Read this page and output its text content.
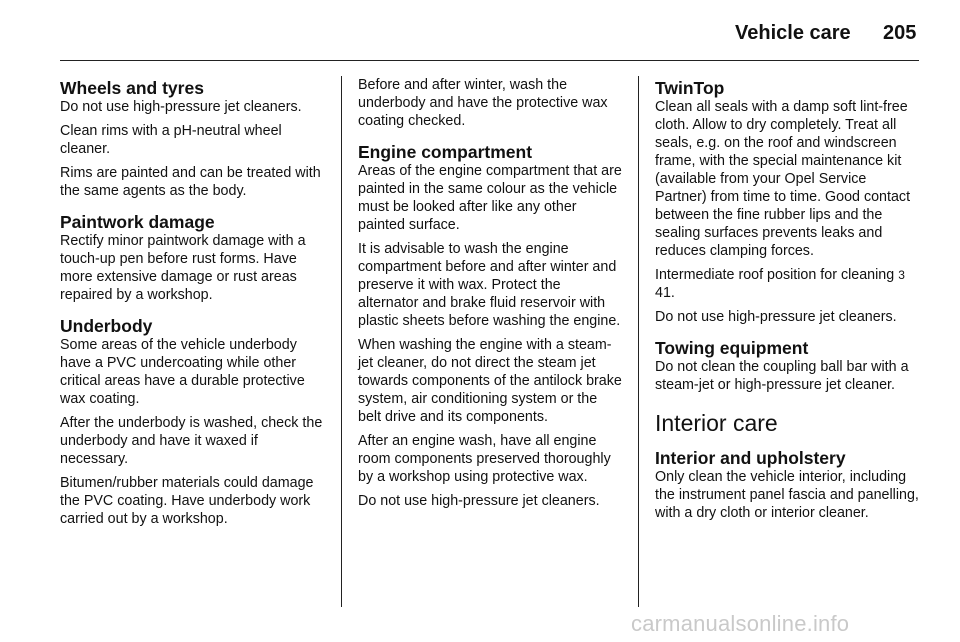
Vehicle care 205
Wheels and tyres

Do not use high-pressure jet cleaners.

Clean rims with a pH-neutral wheel cleaner.

Rims are painted and can be treated with the same agents as the body.

Paintwork damage

Rectify minor paintwork damage with a touch-up pen before rust forms. Have more extensive damage or rust areas repaired by a workshop.

Underbody

Some areas of the vehicle underbody have a PVC undercoating while other critical areas have a durable protective wax coating.

After the underbody is washed, check the underbody and have it waxed if necessary.

Bitumen/rubber materials could damage the PVC coating. Have underbody work carried out by a workshop.

Before and after winter, wash the underbody and have the protective wax coating checked.

Engine compartment

Areas of the engine compartment that are painted in the same colour as the vehicle must be looked after like any other painted surface.

It is advisable to wash the engine compartment before and after winter and preserve it with wax. Protect the alternator and brake fluid reservoir with plastic sheets before washing the engine.

When washing the engine with a steam-jet cleaner, do not direct the steam jet towards components of the antilock brake system, air conditioning system or the belt drive and its components.

After an engine wash, have all engine room components preserved thoroughly by a workshop using protective wax.

Do not use high-pressure jet cleaners.

TwinTop

Clean all seals with a damp soft lint-free cloth. Allow to dry completely. Treat all seals, e.g. on the roof and windscreen frame, with the special maintenance kit (available from your Opel Service Partner) from time to time. Good contact between the fine rubber lips and the sealing surfaces prevents leaks and reduces clamping forces.

Intermediate roof position for cleaning 3 41.

Do not use high-pressure jet cleaners.

Towing equipment

Do not clean the coupling ball bar with a steam-jet or high-pressure jet cleaner.

Interior care
Interior and upholstery

Only clean the vehicle interior, including the instrument panel fascia and panelling, with a dry cloth or interior cleaner.

carmanualsonline.info
